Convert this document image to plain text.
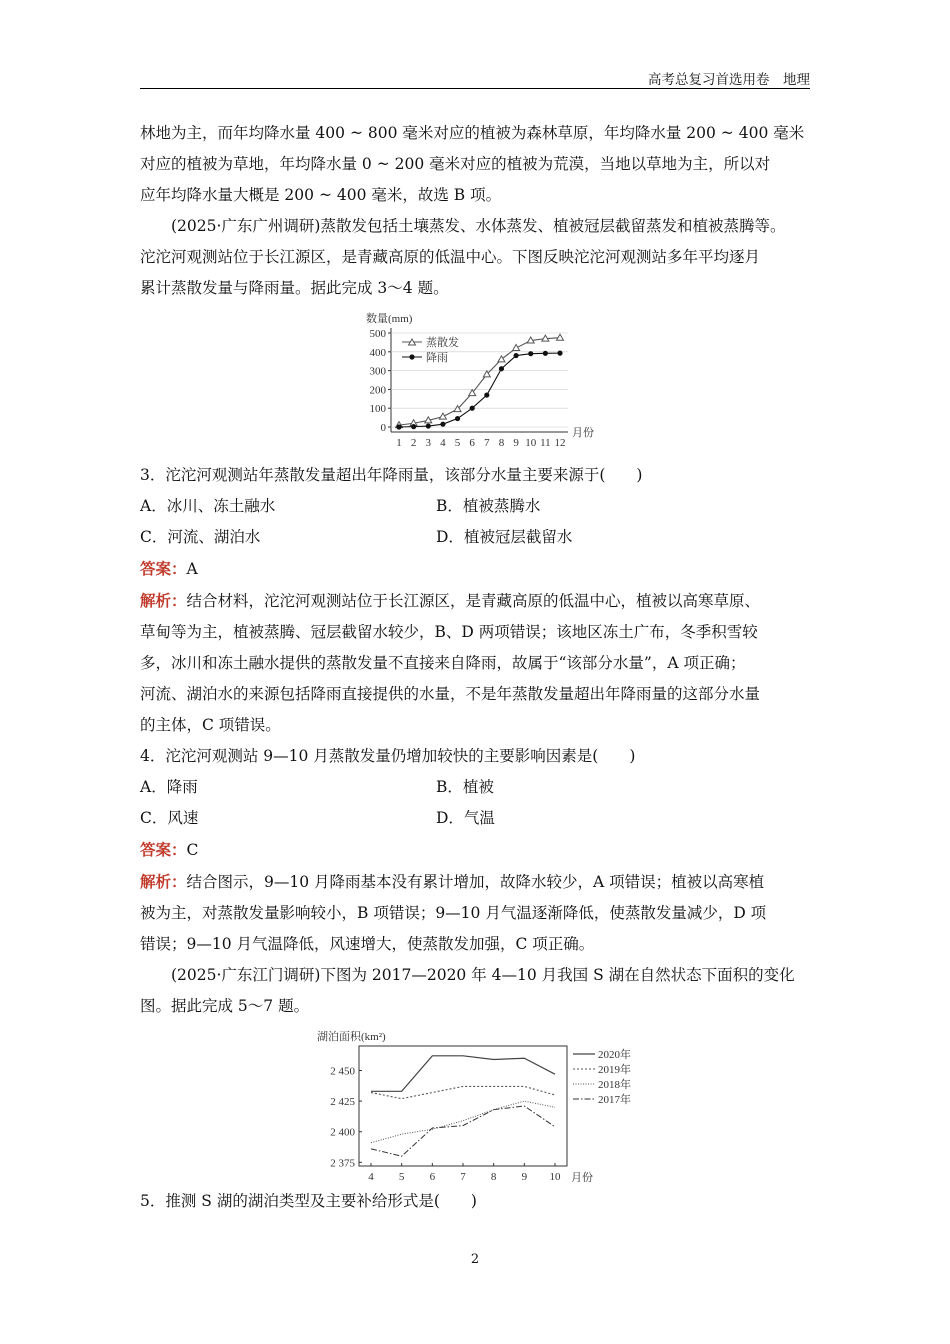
高考总复习首选用卷　地理

林地为主，而年均降水量 400 ~ 800 毫米对应的植被为森林草原，年均降水量 200 ~ 400 毫米

对应的植被为草地，年均降水量 0 ~ 200 毫米对应的植被为荒漠，当地以草地为主，所以对

应年均降水量大概是 200 ~ 400 毫米，故选 B 项。

(2025·广东广州调研)蒸散发包括土壤蒸发、水体蒸发、植被冠层截留蒸发和植被蒸腾等。

沱沱河观测站位于长江源区，是青藏高原的低温中心。下图反映沱沱河观测站多年平均逐月

累计蒸散发量与降雨量。据此完成 3～4 题。

数量(mm)
0
100
200
300
400
500
1 2 3 4 5 6 7 8 9 10 11 12
蒸散发
降雨
月份

3．沱沱河观测站年蒸散发量超出年降雨量，该部分水量主要来源于(　　)

A．冰川、冻土融水	B．植被蒸腾水
C．河流、湖泊水	D．植被冠层截留水

答案：A

解析：结合材料，沱沱河观测站位于长江源区，是青藏高原的低温中心，植被以高寒草原、

草甸等为主，植被蒸腾、冠层截留水较少，B、D 两项错误；该地区冻土广布，冬季积雪较

多，冰川和冻土融水提供的蒸散发量不直接来自降雨，故属于“该部分水量”，A 项正确；

河流、湖泊水的来源包括降雨直接提供的水量，不是年蒸散发量超出年降雨量的这部分水量

的主体，C 项错误。

4．沱沱河观测站 9—10 月蒸散发量仍增加较快的主要影响因素是(　　)

A．降雨	B．植被
C．风速	D．气温

答案：C

解析：结合图示，9—10 月降雨基本没有累计增加，故降水较少，A 项错误；植被以高寒植

被为主，对蒸散发量影响较小，B 项错误；9—10 月气温逐渐降低，使蒸散发量减少，D 项

错误；9—10 月气温降低，风速增大，使蒸散发加强，C 项正确。

(2025·广东江门调研)下图为 2017—2020 年 4—10 月我国 S 湖在自然状态下面积的变化

图。据此完成 5～7 题。

湖泊面积(km²)
2 375
2 400
2 425
2 450
4 5 6 7 8 9 10
2020年
2019年
2018年
2017年
月份

5．推测 S 湖的湖泊类型及主要补给形式是(　　)

2
